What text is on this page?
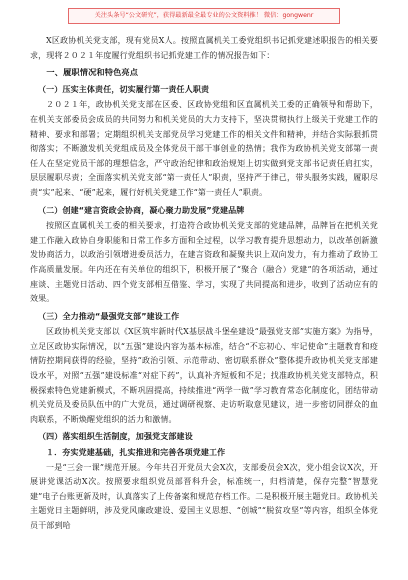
关注头条号“公文研究”，获得最新最全最专业的公文资料推！ 微信：gongwenr

X区政协机关党支部，现有党员X人。按照直属机关工委党组织书记抓党建述职报告的相关要求，现将２０２１年度履行党组织书记抓党建工作的情况报告如下：

一、履职情况和特色亮点

（一）压实主体责任，切实履行第一责任人职责

２０２１年，政协机关党支部在区委、区政协党组和区直属机关工委的正确领导和帮助下，在机关支部委员会成员的共同努力和机关党员的大力支持下，坚决贯彻执行上级关于党建工作的精神、要求和部署；定期组织机关支部党员学习党建工作的相关文件和精神，并结合实际狠抓贯彻落实；不断激发机关党组成员及全体党员干部干事创业的热情；我作为政协机关党支部第一责任人在坚定党员干部的理想信念，严守政治纪律和政治规矩上切实做到党支部书记责任肩扛实，层层履职尽责；全面落实机关党支部“第一责任人”职责，坚持严于律己，带头服务实践，履职尽责“实”起来、“硬”起来，履行好机关党建工作“第一责任人”职责。

（二）创建“建言资政会协商，凝心聚力助发展”党建品牌

按照区直属机关工委的相关要求，打造符合政协机关党支部的党建品牌，品牌旨在把机关党建工作融入政协自身职能和日常工作多方面和全过程，以学习教育提升思想动力，以改革创新激发协商活力，以政治引领增进委员活力，在建言资政和凝聚共识上双向发力，有力推动了政协工作高质量发展。年内还在有关单位的组织下，积极开展了“聚合（融合）党建”的各项活动，通过座谈、主题党日活动、四个党支部相互借鉴、学习，实现了共同提高和进步，收到了活动应有的效果。

（三）全力推动“最强党支部”建设工作

区政协机关党支部以《X区筑牢新时代X基层战斗堡垒建设“最强党支部”实施方案》为指导，立足区政协实际情况，以“五强”建设内容为基本标准，结合“不忘初心、牢记使命”主题教育和疫情防控期间获得的经验，坚持“政治引领、示范带动、密切联系群众”整体提升政协机关党支部建设水平，对照“五强”建设标准“对症下药”，认真补齐短板和不足；找准政协机关党支部特点，积极探索特色党建新模式，不断巩固提高，持续推进“两学一做”学习教育常态化制度化，团结带动机关党员及委员队伍中的广大党员，通过调研视察、走访听取意见建议，进一步密切同群众的血肉联系，不断焕醒党组织的活力和激情。

（四）落实组织生活制度，加强党支部建设

１．夯实党建基础，扎实推进和完善各项党建工作

一是“三会一课”规范开展。今年共召开党员大会X次，支部委员会X次，党小组会议X次，开展讲党课活动X次。按照要求组织党员部晋科升会，标准统一，归档清楚，保存完整“智慧党建”电子台账更新及时，认真落实了上传备案和规范存档工作。二是积极开展主题党日。政协机关主题党日主题鲜明，涉及党风廉政建设、爱国主义思想、“创城”“脱贫攻坚”等内容，组织全体党员干部到哈
